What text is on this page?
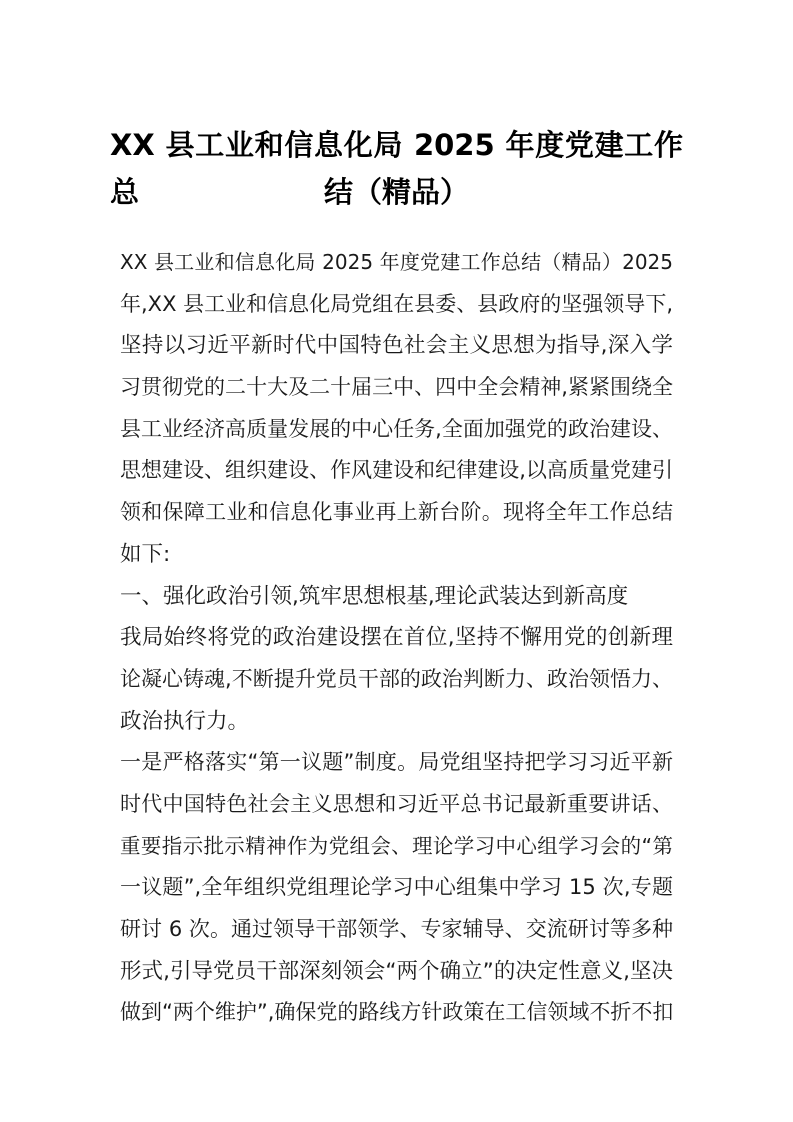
XX 县工业和信息化局 2025 年度党建工作总	结（精品）
XX 县工业和信息化局 2025 年度党建工作总结（精品）2025
年,XX 县工业和信息化局党组在县委、县政府的坚强领导下,
坚持以习近平新时代中国特色社会主义思想为指导,深入学
习贯彻党的二十大及二十届三中、四中全会精神,紧紧围绕全
县工业经济高质量发展的中心任务,全面加强党的政治建设、
思想建设、组织建设、作风建设和纪律建设,以高质量党建引
领和保障工业和信息化事业再上新台阶。现将全年工作总结
如下:
一、强化政治引领,筑牢思想根基,理论武装达到新高度
我局始终将党的政治建设摆在首位,坚持不懈用党的创新理
论凝心铸魂,不断提升党员干部的政治判断力、政治领悟力、
政治执行力。
一是严格落实“第一议题”制度。局党组坚持把学习习近平新
时代中国特色社会主义思想和习近平总书记最新重要讲话、
重要指示批示精神作为党组会、理论学习中心组学习会的“第
一议题”,全年组织党组理论学习中心组集中学习 15 次,专题
研讨 6 次。通过领导干部领学、专家辅导、交流研讨等多种
形式,引导党员干部深刻领会“两个确立”的决定性意义,坚决
做到“两个维护”,确保党的路线方针政策在工信领域不折不扣
